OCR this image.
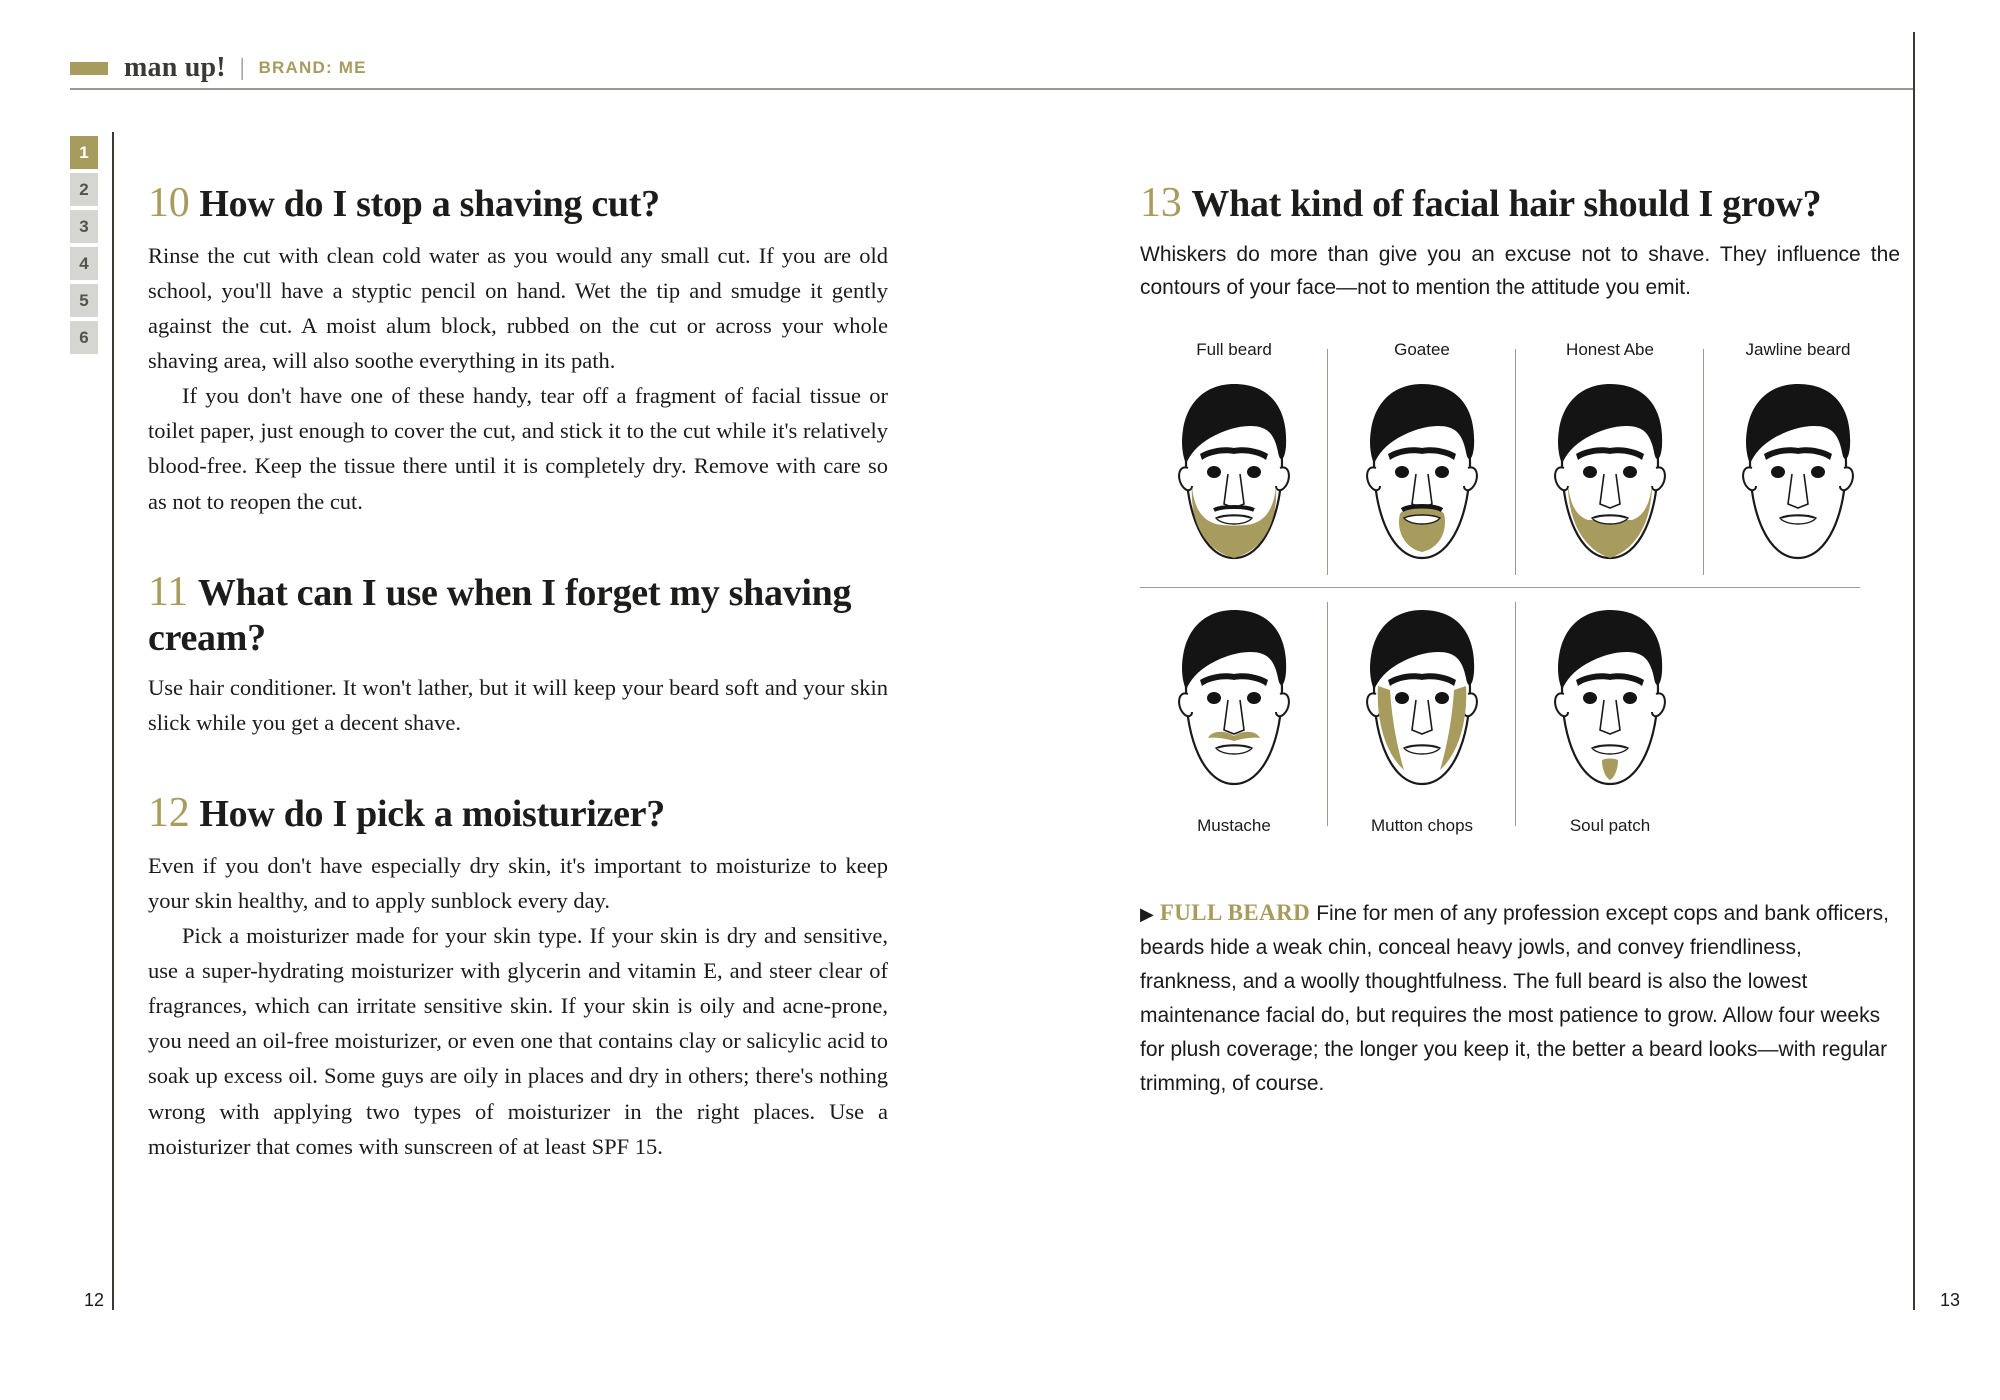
man up! | BRAND: ME
1
2
3
4
5
6
12	13
10 How do I stop a shaving cut?

Rinse the cut with clean cold water as you would any small cut. If you are old school, you'll have a styptic pencil on hand. Wet the tip and smudge it gently against the cut. A moist alum block, rubbed on the cut or across your whole shaving area, will also soothe everything in its path.

If you don't have one of these handy, tear off a fragment of facial tissue or toilet paper, just enough to cover the cut, and stick it to the cut while it's relatively blood-free. Keep the tissue there until it is completely dry. Remove with care so as not to reopen the cut.

11 What can I use when I forget my shaving cream?

Use hair conditioner. It won't lather, but it will keep your beard soft and your skin slick while you get a decent shave.

12 How do I pick a moisturizer?

Even if you don't have especially dry skin, it's important to moisturize to keep your skin healthy, and to apply sunblock every day.

Pick a moisturizer made for your skin type. If your skin is dry and sensitive, use a super-hydrating moisturizer with glycerin and vitamin E, and steer clear of fragrances, which can irritate sensitive skin. If your skin is oily and acne-prone, you need an oil-free moisturizer, or even one that contains clay or salicylic acid to soak up excess oil. Some guys are oily in places and dry in others; there's nothing wrong with applying two types of moisturizer in the right places. Use a moisturizer that comes with sunscreen of at least SPF 15.

13 What kind of facial hair should I grow?

Whiskers do more than give you an excuse not to shave. They influence the contours of your face—not to mention the attitude you emit.

Full beard	Goatee	Honest Abe	Jawline beard
Mustache	Mutton chops	Soul patch

▶ FULL BEARD Fine for men of any profession except cops and bank officers, beards hide a weak chin, conceal heavy jowls, and convey friendliness, frankness, and a woolly thoughtfulness. The full beard is also the lowest maintenance facial do, but requires the most patience to grow. Allow four weeks for plush coverage; the longer you keep it, the better a beard looks—with regular trimming, of course.
